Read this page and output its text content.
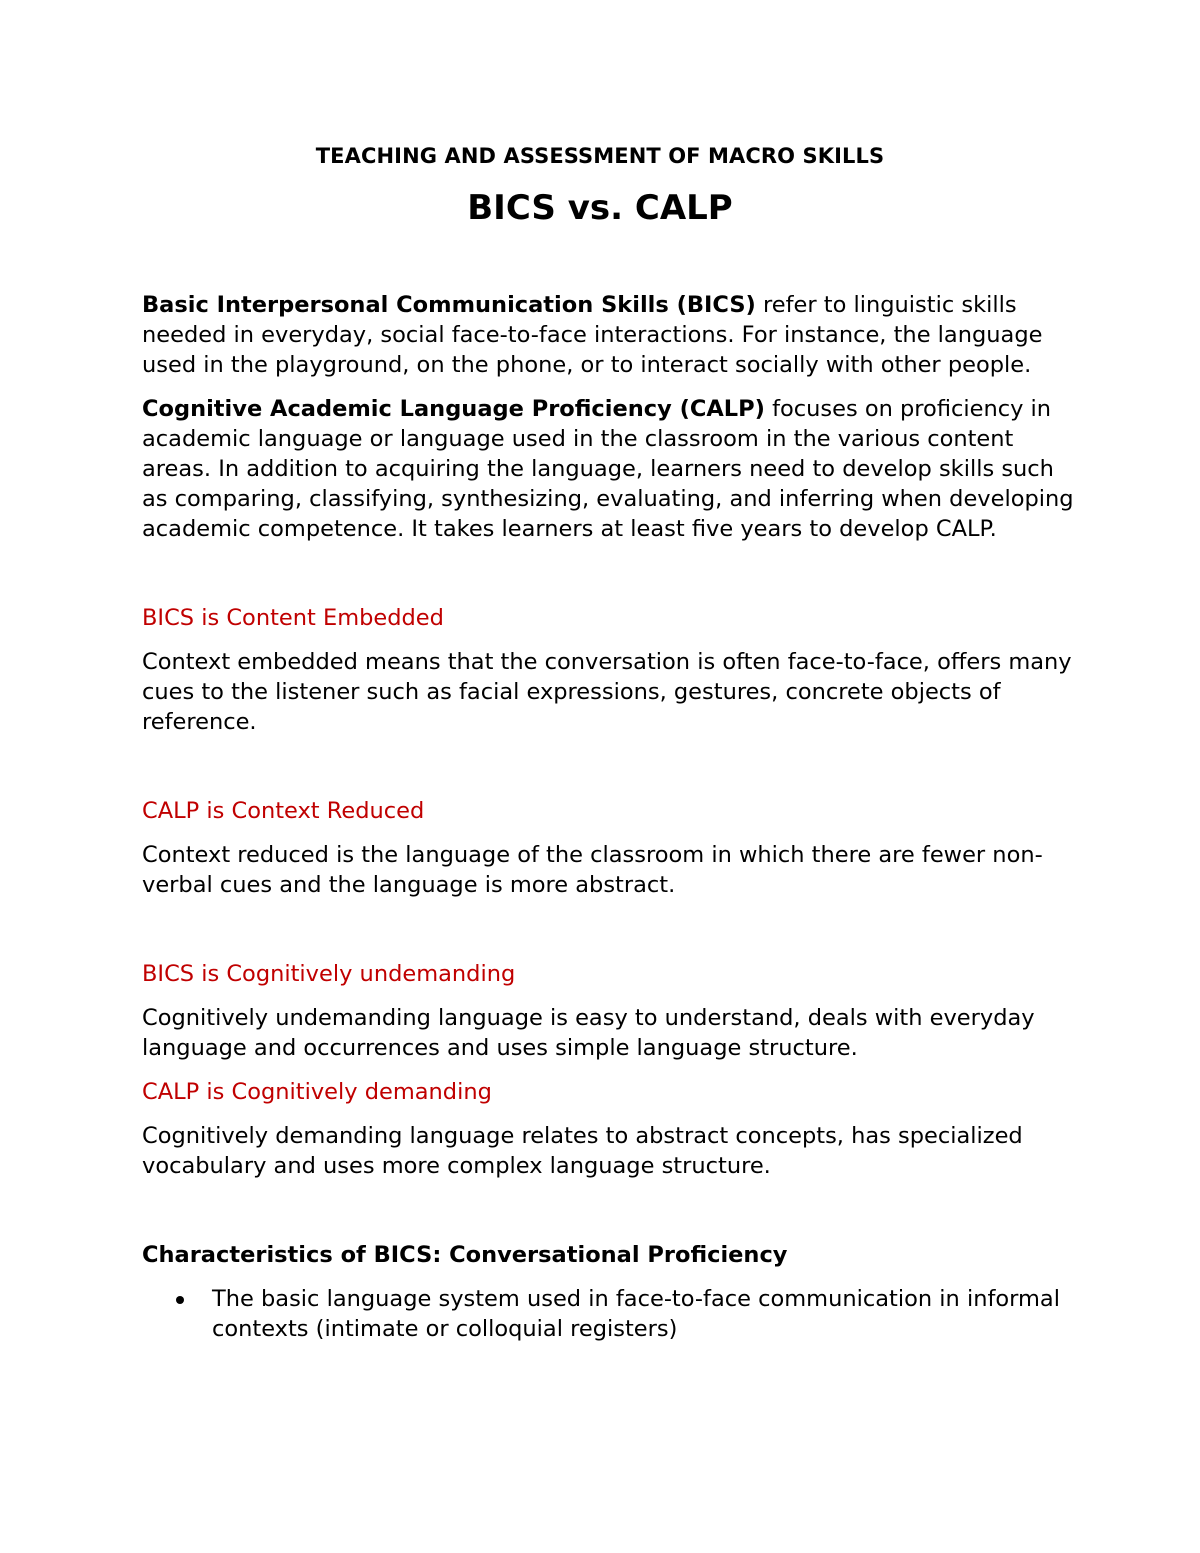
TEACHING AND ASSESSMENT OF MACRO SKILLS
BICS vs. CALP

Basic Interpersonal Communication Skills (BICS) refer to linguistic skills needed in everyday, social face-to-face interactions. For instance, the language used in the playground, on the phone, or to interact socially with other people.

Cognitive Academic Language Proficiency (CALP) focuses on proficiency in academic language or language used in the classroom in the various content areas. In addition to acquiring the language, learners need to develop skills such as comparing, classifying, synthesizing, evaluating, and inferring when developing academic competence. It takes learners at least five years to develop CALP.

BICS is Content Embedded

Context embedded means that the conversation is often face-to-face, offers many cues to the listener such as facial expressions, gestures, concrete objects of reference.

CALP is Context Reduced

Context reduced is the language of the classroom in which there are fewer non-verbal cues and the language is more abstract.

BICS is Cognitively undemanding

Cognitively undemanding language is easy to understand, deals with everyday language and occurrences and uses simple language structure.

CALP is Cognitively demanding

Cognitively demanding language relates to abstract concepts, has specialized vocabulary and uses more complex language structure.

Characteristics of BICS: Conversational Proficiency

The basic language system used in face-to-face communication in informal contexts (intimate or colloquial registers)
